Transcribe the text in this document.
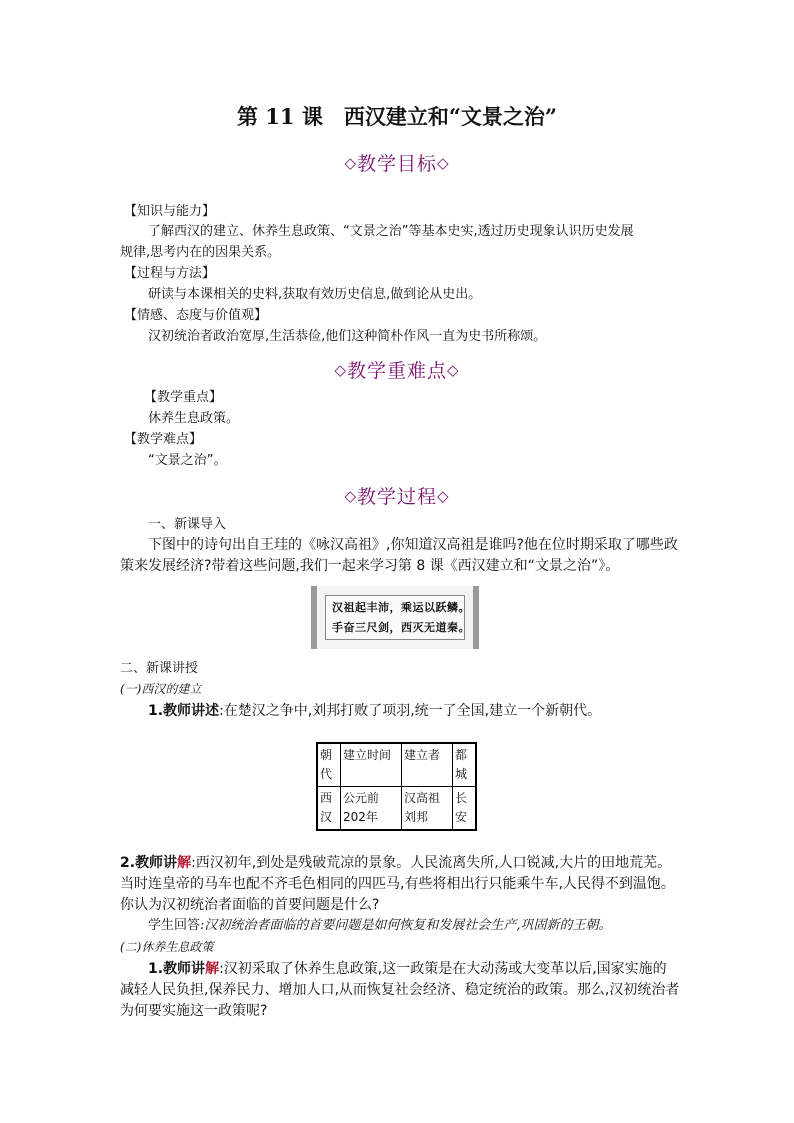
第 11 课　西汉建立和“文景之治”
◇教学目标◇
【知识与能力】
了解西汉的建立、休养生息政策、“文景之治”等基本史实,透过历史现象认识历史发展
规律,思考内在的因果关系。
【过程与方法】
研读与本课相关的史料,获取有效历史信息,做到论从史出。
【情感、态度与价值观】
汉初统治者政治宽厚,生活恭俭,他们这种简朴作风一直为史书所称颂。
◇教学重难点◇
【教学重点】
休养生息政策。
【教学难点】
“文景之治”。
◇教学过程◇
一、新课导入
下图中的诗句出自王珪的《咏汉高祖》,你知道汉高祖是谁吗?他在位时期采取了哪些政
策来发展经济?带着这些问题,我们一起来学习第 8 课《西汉建立和“文景之治”》。
汉祖起丰沛，乘运以跃鳞。
手奋三尺剑，西灭无道秦。
二、新课讲授
(一)西汉的建立
1.教师讲述:在楚汉之争中,刘邦打败了项羽,统一了全国,建立一个新朝代。
朝代	建立时间	建立者	都城
西汉	公元前 202年	汉高祖刘邦	长安
2.教师讲解:西汉初年,到处是残破荒凉的景象。人民流离失所,人口锐减,大片的田地荒芜。
当时连皇帝的马车也配不齐毛色相同的四匹马,有些将相出行只能乘牛车,人民得不到温饱。
你认为汉初统治者面临的首要问题是什么?
学生回答:汉初统治者面临的首要问题是如何恢复和发展社会生产,巩固新的王朝。
(二)休养生息政策
1.教师讲解:汉初采取了休养生息政策,这一政策是在大动荡或大变革以后,国家实施的
减轻人民负担,保养民力、增加人口,从而恢复社会经济、稳定统治的政策。那么,汉初统治者
为何要实施这一政策呢?
